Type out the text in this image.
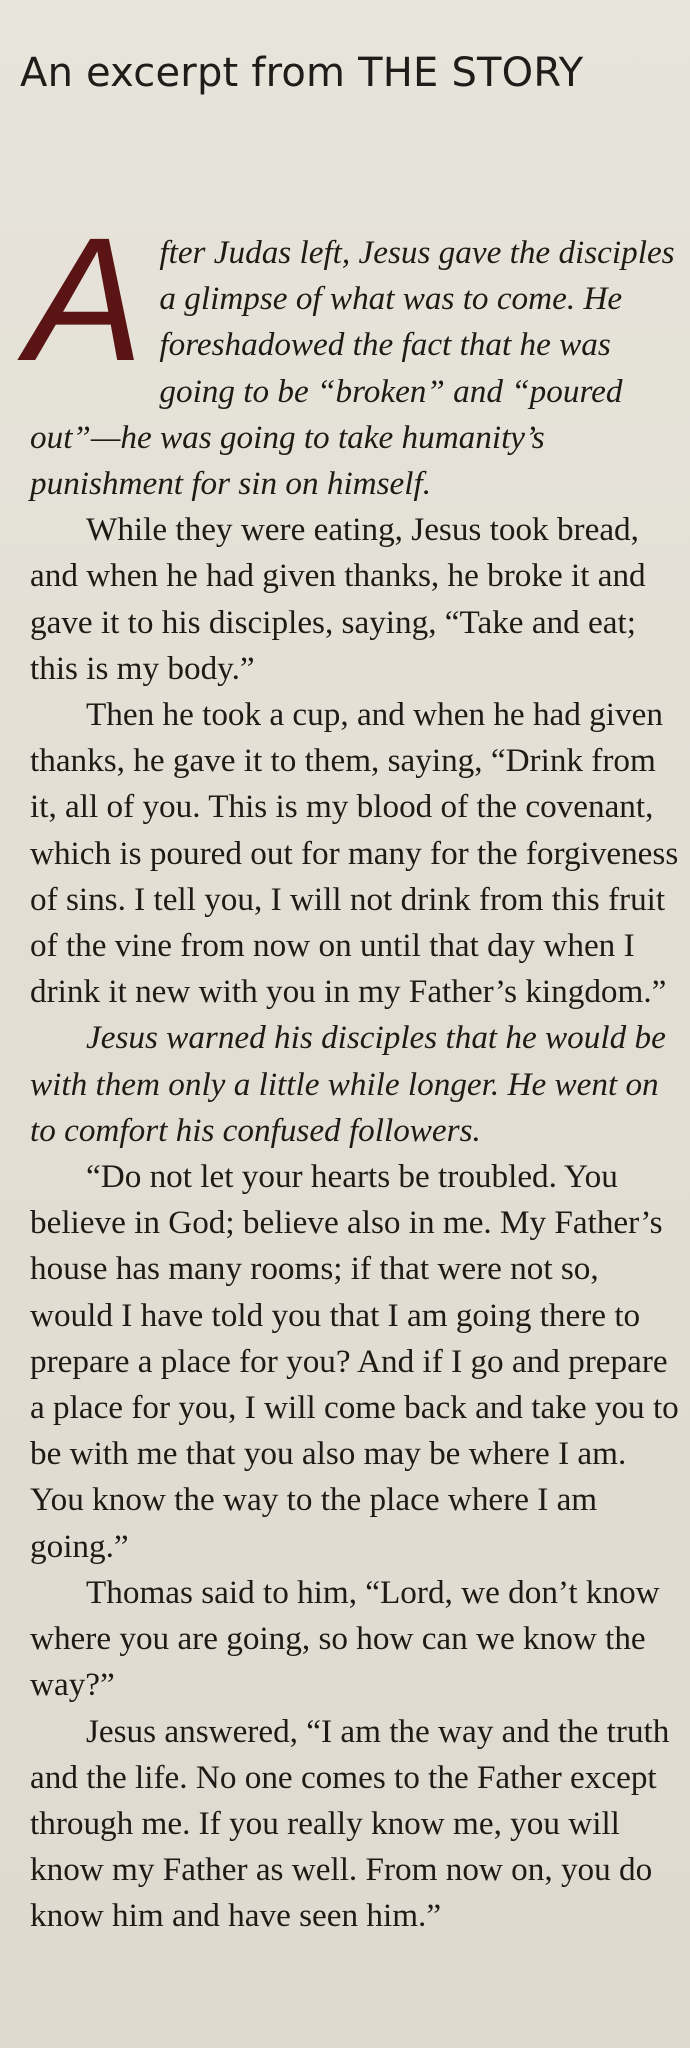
An excerpt from THE STORY

After Judas left, Jesus gave the disciples a glimpse of what was to come. He foreshadowed the fact that he was going to be “broken” and “poured out”—he was going to take humanity’s punishment for sin on himself.

While they were eating, Jesus took bread, and when he had given thanks, he broke it and gave it to his disciples, saying, “Take and eat; this is my body.”

Then he took a cup, and when he had given thanks, he gave it to them, saying, “Drink from it, all of you. This is my blood of the covenant, which is poured out for many for the forgiveness of sins. I tell you, I will not drink from this fruit of the vine from now on until that day when I drink it new with you in my Father’s kingdom.”

Jesus warned his disciples that he would be with them only a little while longer. He went on to comfort his confused followers.

“Do not let your hearts be troubled. You believe in God; believe also in me. My Father’s house has many rooms; if that were not so, would I have told you that I am going there to prepare a place for you? And if I go and prepare a place for you, I will come back and take you to be with me that you also may be where I am. You know the way to the place where I am going.”

Thomas said to him, “Lord, we don’t know where you are going, so how can we know the way?”

Jesus answered, “I am the way and the truth and the life. No one comes to the Father except through me. If you really know me, you will know my Father as well. From now on, you do know him and have seen him.”
